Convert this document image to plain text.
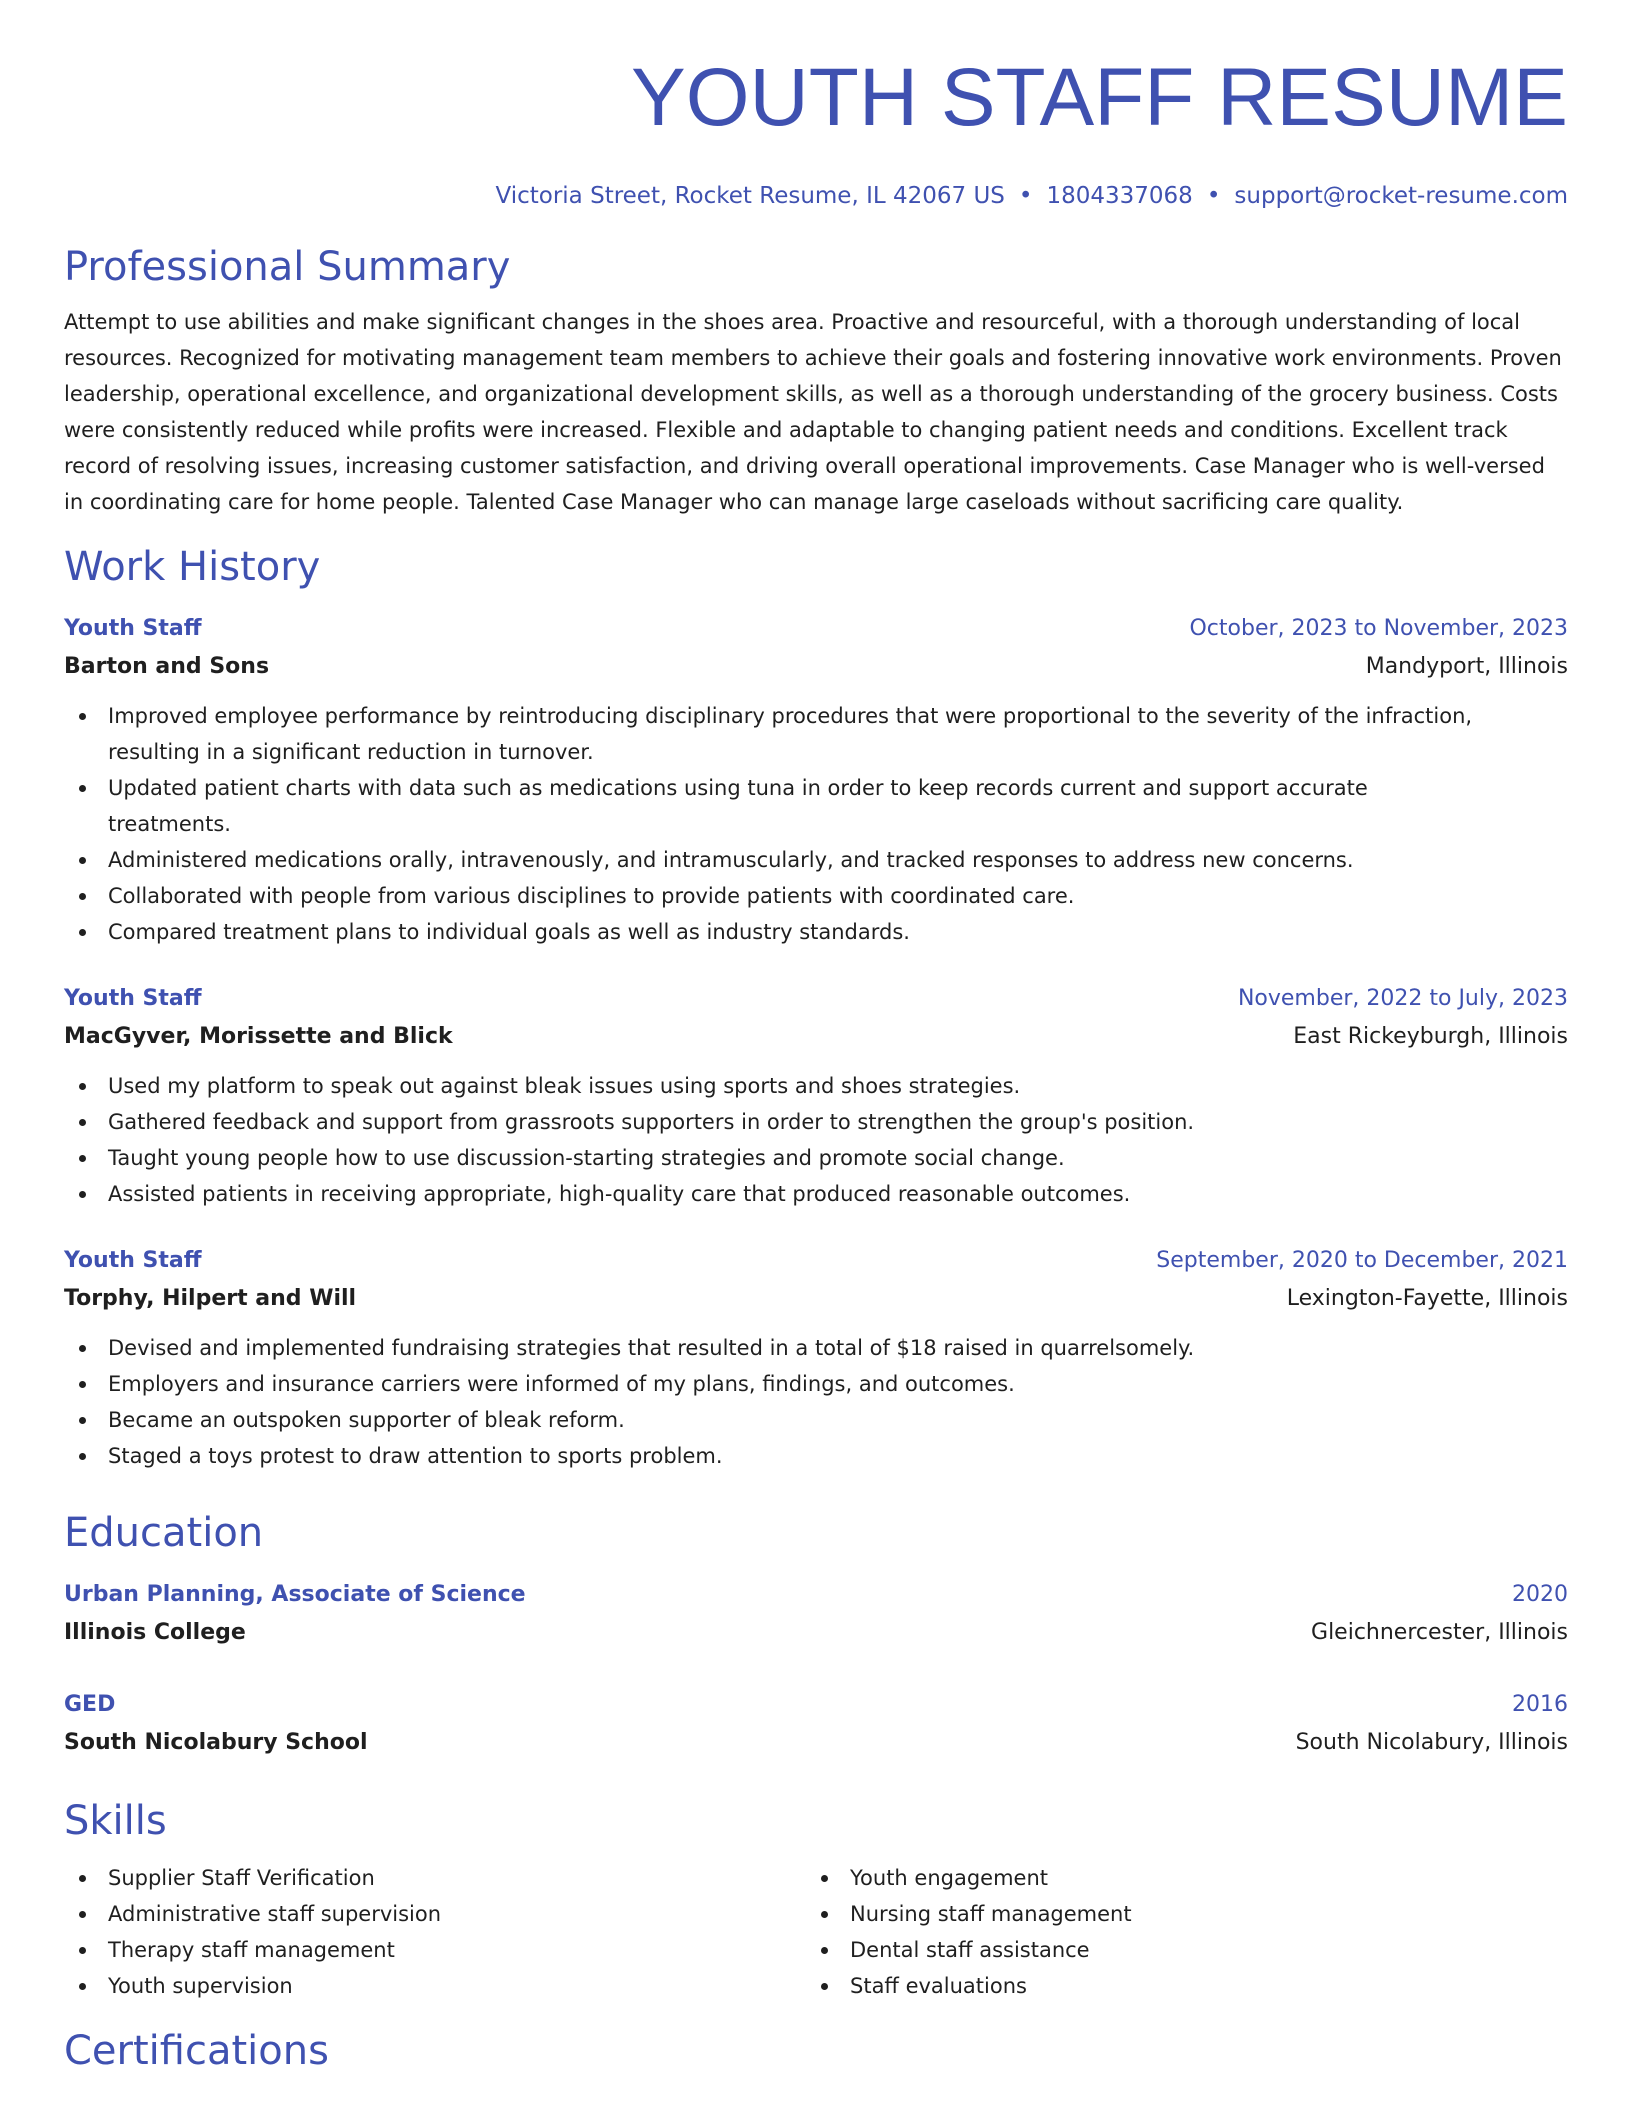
YOUTH STAFF RESUME
Victoria Street, Rocket Resume, IL 42067 US • 1804337068 • support@rocket-resume.com
Professional Summary
Attempt to use abilities and make significant changes in the shoes area. Proactive and resourceful, with a thorough understanding of local resources. Recognized for motivating management team members to achieve their goals and fostering innovative work environments. Proven leadership, operational excellence, and organizational development skills, as well as a thorough understanding of the grocery business. Costs were consistently reduced while profits were increased. Flexible and adaptable to changing patient needs and conditions. Excellent track record of resolving issues, increasing customer satisfaction, and driving overall operational improvements. Case Manager who is well-versed in coordinating care for home people. Talented Case Manager who can manage large caseloads without sacrificing care quality.
Work History
Youth Staff	October, 2023 to November, 2023
Barton and Sons	Mandyport, Illinois
Improved employee performance by reintroducing disciplinary procedures that were proportional to the severity of the infraction, resulting in a significant reduction in turnover.
Updated patient charts with data such as medications using tuna in order to keep records current and support accurate treatments.
Administered medications orally, intravenously, and intramuscularly, and tracked responses to address new concerns.
Collaborated with people from various disciplines to provide patients with coordinated care.
Compared treatment plans to individual goals as well as industry standards.
Youth Staff	November, 2022 to July, 2023
MacGyver, Morissette and Blick	East Rickeyburgh, Illinois
Used my platform to speak out against bleak issues using sports and shoes strategies.
Gathered feedback and support from grassroots supporters in order to strengthen the group's position.
Taught young people how to use discussion-starting strategies and promote social change.
Assisted patients in receiving appropriate, high-quality care that produced reasonable outcomes.
Youth Staff	September, 2020 to December, 2021
Torphy, Hilpert and Will	Lexington-Fayette, Illinois
Devised and implemented fundraising strategies that resulted in a total of $18 raised in quarrelsomely.
Employers and insurance carriers were informed of my plans, findings, and outcomes.
Became an outspoken supporter of bleak reform.
Staged a toys protest to draw attention to sports problem.
Education
Urban Planning, Associate of Science	2020
Illinois College	Gleichnercester, Illinois
GED	2016
South Nicolabury School	South Nicolabury, Illinois
Skills
Supplier Staff Verification
Administrative staff supervision
Therapy staff management
Youth supervision
Youth engagement
Nursing staff management
Dental staff assistance
Staff evaluations
Certifications
